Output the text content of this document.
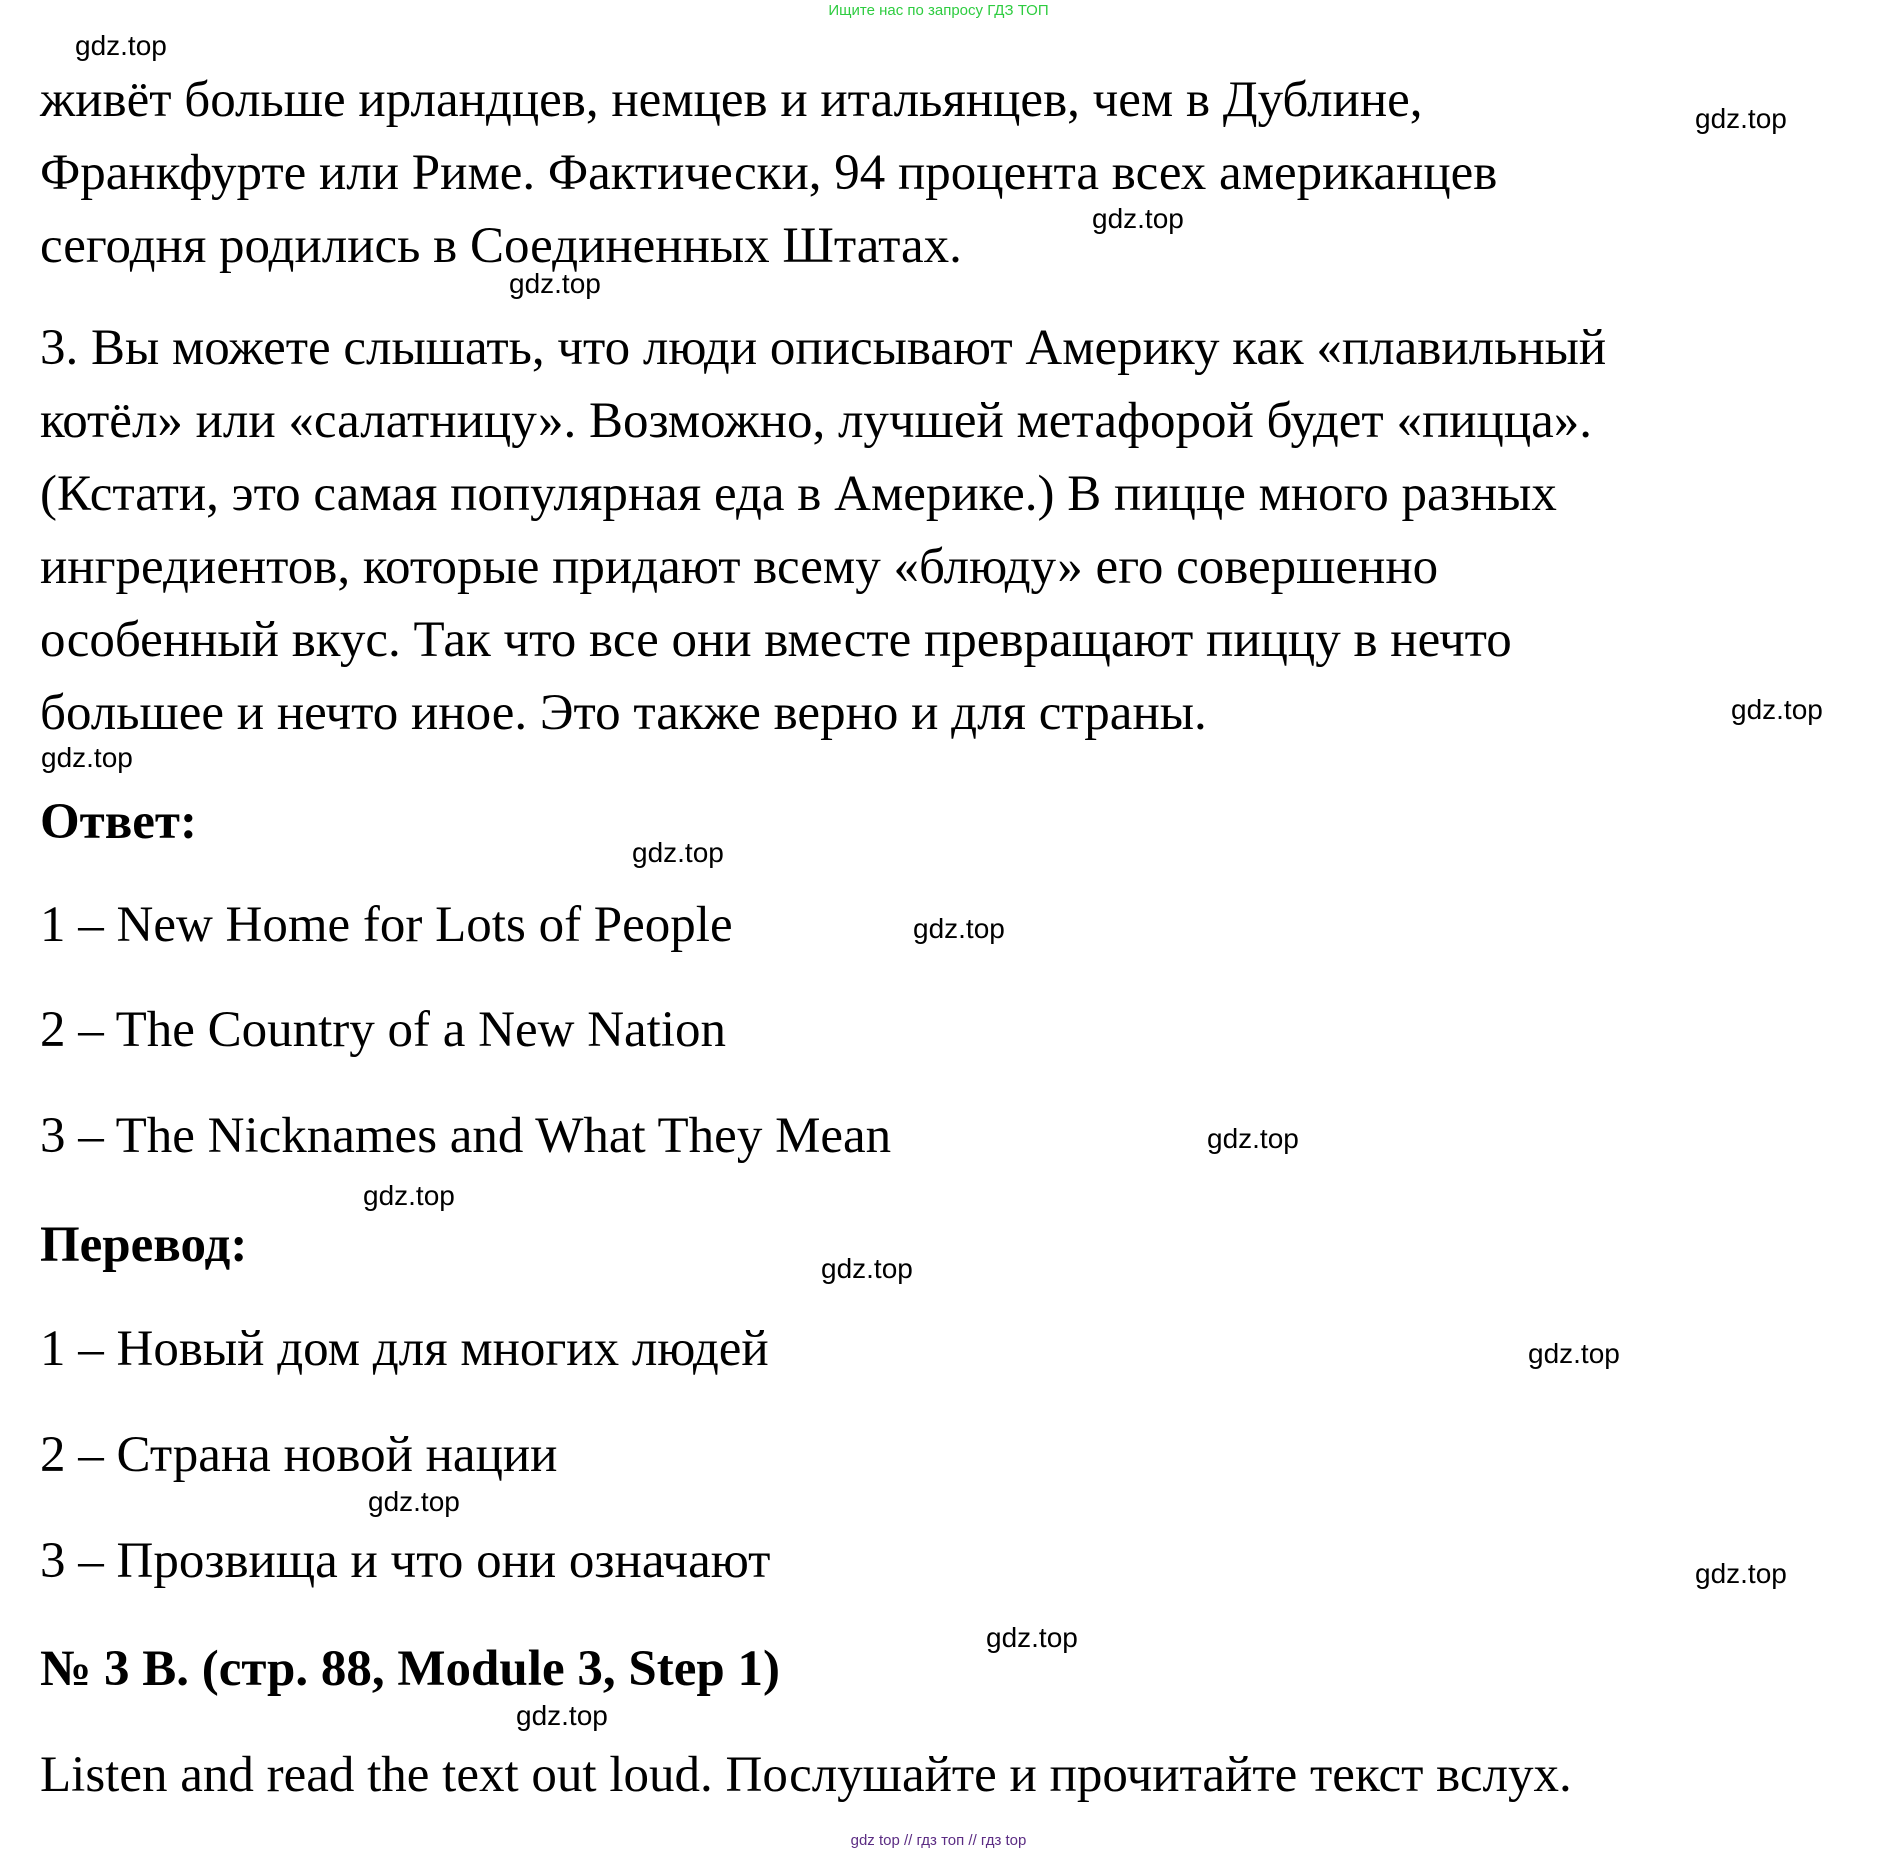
Ищите нас по запросу ГДЗ ТОП
живёт больше ирландцев, немцев и итальянцев, чем в Дублине,
Франкфурте или Риме. Фактически, 94 процента всех американцев
сегодня родились в Соединенных Штатах.
3. Вы можете слышать, что люди описывают Америку как «плавильный
котёл» или «салатницу». Возможно, лучшей метафорой будет «пицца».
(Кстати, это самая популярная еда в Америке.) В пицце много разных
ингредиентов, которые придают всему «блюду» его совершенно
особенный вкус. Так что все они вместе превращают пиццу в нечто
большее и нечто иное. Это также верно и для страны.
Ответ:
1 – New Home for Lots of People
2 – The Country of a New Nation
3 – The Nicknames and What They Mean
Перевод:
1 – Новый дом для многих людей
2 – Страна новой нации
3 – Прозвища и что они означают
№ 3 B. (стр. 88, Module 3, Step 1)
Listen and read the text out loud. Послушайте и прочитайте текст вслух.
gdz.top
gdz.top
gdz.top
gdz.top
gdz.top
gdz.top
gdz.top
gdz.top
gdz.top
gdz.top
gdz.top
gdz.top
gdz.top
gdz.top
gdz.top
gdz.top
gdz top // гдз топ // гдз top
